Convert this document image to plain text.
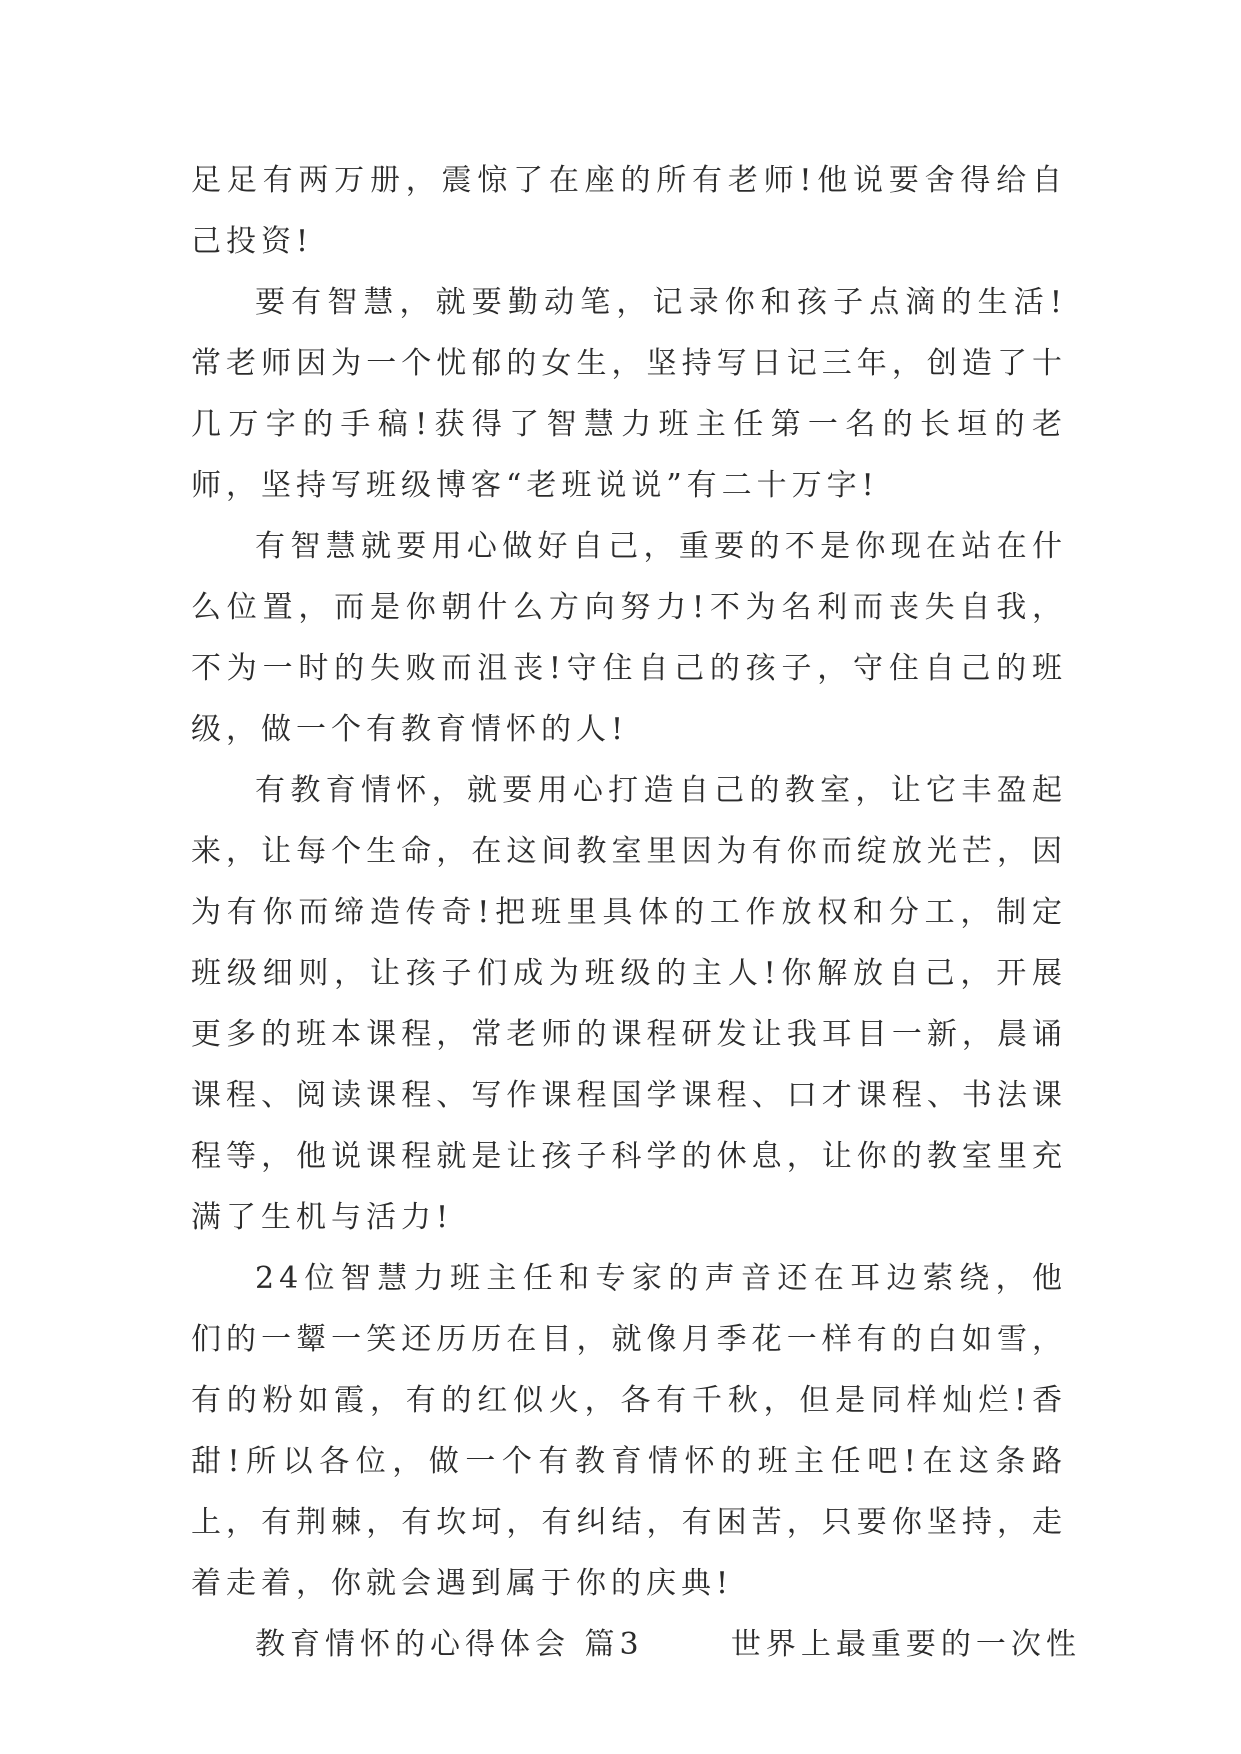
足足有两万册，震惊了在座的所有老师!他说要舍得给自己投资!

要有智慧，就要勤动笔，记录你和孩子点滴的生活!常老师因为一个忧郁的女生，坚持写日记三年，创造了十几万字的手稿!获得了智慧力班主任第一名的长垣的老师，坚持写班级博客“老班说说”有二十万字!

有智慧就要用心做好自己，重要的不是你现在站在什么位置，而是你朝什么方向努力!不为名利而丧失自我，不为一时的失败而沮丧!守住自己的孩子，守住自己的班级，做一个有教育情怀的人!

有教育情怀，就要用心打造自己的教室，让它丰盈起来，让每个生命，在这间教室里因为有你而绽放光芒，因为有你而缔造传奇!把班里具体的工作放权和分工，制定班级细则，让孩子们成为班级的主人!你解放自己，开展更多的班本课程，常老师的课程研发让我耳目一新，晨诵课程、阅读课程、写作课程国学课程、口才课程、书法课程等，他说课程就是让孩子科学的休息，让你的教室里充满了生机与活力!

24位智慧力班主任和专家的声音还在耳边萦绕，他们的一颦一笑还历历在目，就像月季花一样有的白如雪，有的粉如霞，有的红似火，各有千秋，但是同样灿烂!香甜!所以各位，做一个有教育情怀的班主任吧!在这条路上，有荆棘，有坎坷，有纠结，有困苦，只要你坚持，走着走着，你就会遇到属于你的庆典!

教育情怀的心得体会 篇3	世界上最重要的一次性
